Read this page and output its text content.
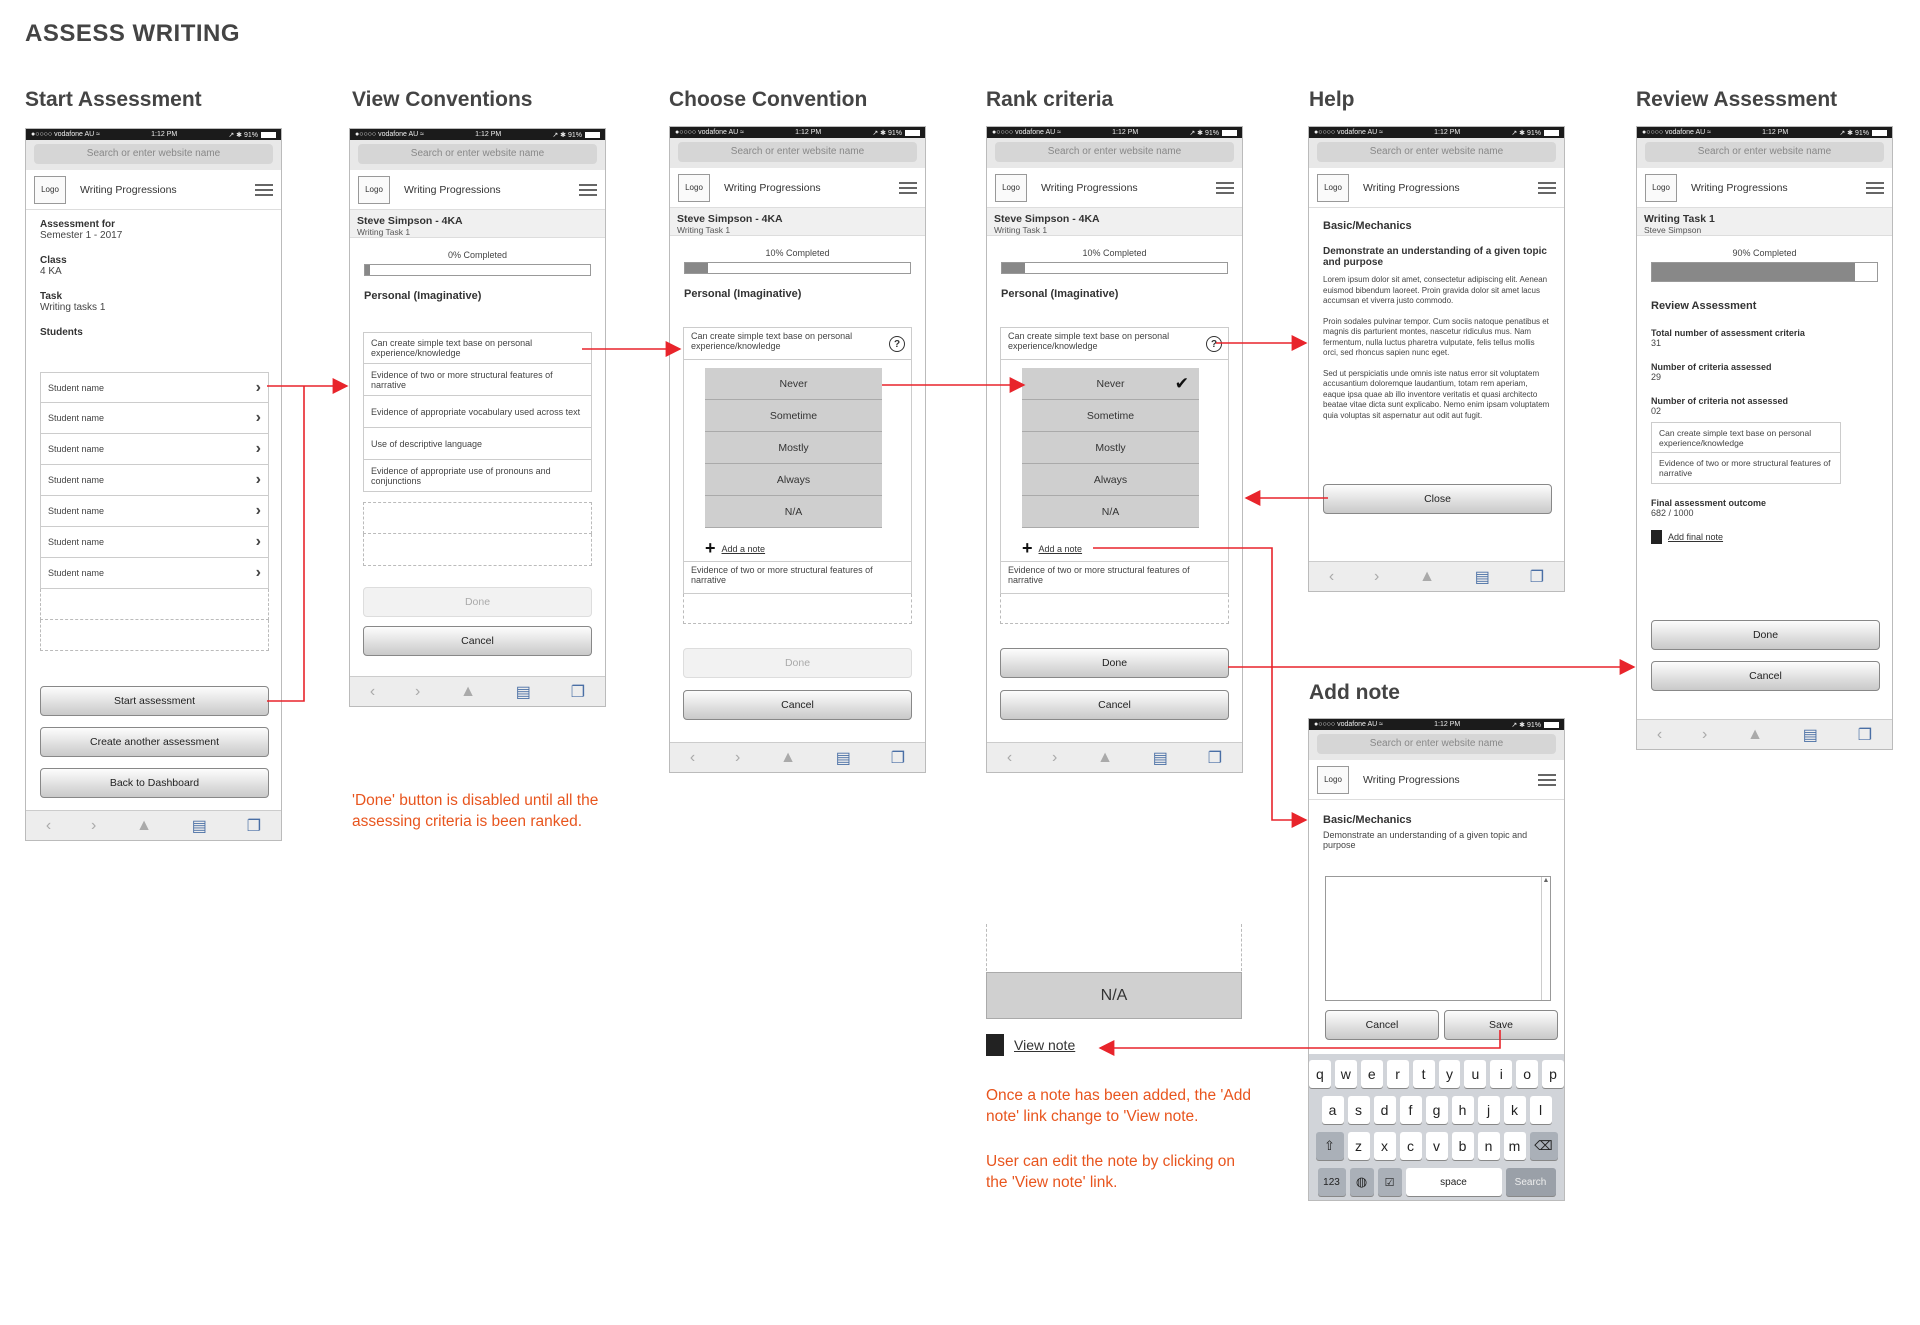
ASSESS WRITING
Start Assessment	View Conventions	Choose Convention	Rank criteria	Help	Review Assessment
Add note
●○○○○ vodafone AU ≈	1:12 PM	↗ ✱ 91%
Search or enter website name
Logo	Writing Progressions
Assessment for
Semester 1 - 2017
Class
4 KA
Task
Writing tasks 1
Students
Student name	›
Student name	›
Student name	›
Student name	›
Student name	›
Student name	›
Student name	›
Start assessment
Create another assessment
Back to Dashboard
‹ › ▲ ▤ ❐
●○○○○ vodafone AU ≈	1:12 PM	↗ ✱ 91%
Search or enter website name
Logo	Writing Progressions
Steve Simpson - 4KA
Writing Task 1
0% Completed
Personal (Imaginative)
Can create simple text base on personal experience/knowledge
Evidence of two or more structural features of narrative
Evidence of appropriate vocabulary used across text
Use of descriptive language
Evidence of appropriate use of pronouns and conjunctions
Done
Cancel
‹ › ▲ ▤ ❐
●○○○○ vodafone AU ≈	1:12 PM	↗ ✱ 91%
Search or enter website name
Logo	Writing Progressions
Steve Simpson - 4KA
Writing Task 1
10% Completed
Personal (Imaginative)
Can create simple text base on personal experience/knowledge	?
Never
Sometime
Mostly
Always
N/A
+ Add a note
Evidence of two or more structural features of narrative
Done
Cancel
‹ › ▲ ▤ ❐
●○○○○ vodafone AU ≈	1:12 PM	↗ ✱ 91%
Search or enter website name
Logo	Writing Progressions
Steve Simpson - 4KA
Writing Task 1
10% Completed
Personal (Imaginative)
Can create simple text base on personal experience/knowledge	?
Never	✔
Sometime
Mostly
Always
N/A
+ Add a note
Evidence of two or more structural features of narrative
Done
Cancel
‹ › ▲ ▤ ❐
●○○○○ vodafone AU ≈	1:12 PM	↗ ✱ 91%
Search or enter website name
Logo	Writing Progressions
Basic/Mechanics
Demonstrate an understanding of a given topic and purpose
Lorem ipsum dolor sit amet, consectetur adipiscing elit. Aenean euismod bibendum laoreet. Proin gravida dolor sit amet lacus accumsan et viverra justo commodo.
Proin sodales pulvinar tempor. Cum sociis natoque penatibus et magnis dis parturient montes, nascetur ridiculus mus. Nam fermentum, nulla luctus pharetra vulputate, felis tellus mollis orci, sed rhoncus sapien nunc eget.
Sed ut perspiciatis unde omnis iste natus error sit voluptatem accusantium doloremque laudantium, totam rem aperiam, eaque ipsa quae ab illo inventore veritatis et quasi architecto beatae vitae dicta sunt explicabo. Nemo enim ipsam voluptatem quia voluptas sit aspernatur aut odit aut fugit.
Close
‹ › ▲ ▤ ❐
●○○○○ vodafone AU ≈	1:12 PM	↗ ✱ 91%
Search or enter website name
Logo	Writing Progressions
Writing Task 1
Steve Simpson
90% Completed
Review Assessment
Total number of assessment criteria
31
Number of criteria assessed
29
Number of criteria not assessed
02
Can create simple text base on personal experience/knowledge
Evidence of two or more structural features of narrative
Final assessment outcome
682 / 1000
Add final note
Done
Cancel
‹ › ▲ ▤ ❐
●○○○○ vodafone AU ≈	1:12 PM	↗ ✱ 91%
Search or enter website name
Logo	Writing Progressions
Basic/Mechanics
Demonstrate an understanding of a given topic and purpose
▲
Cancel	Save
q	w	e	r	t	y	u	i	o	p
a	s	d	f	g	h	j	k	l
⇧	z	x	c	v	b	n	m	⌫
123	◍	☑	space	Search
N/A
View note
'Done' button is disabled until all the assessing criteria is been ranked.
Once a note has been added, the 'Add note' link change to 'View note.
User can edit the note by clicking on the 'View note' link.
